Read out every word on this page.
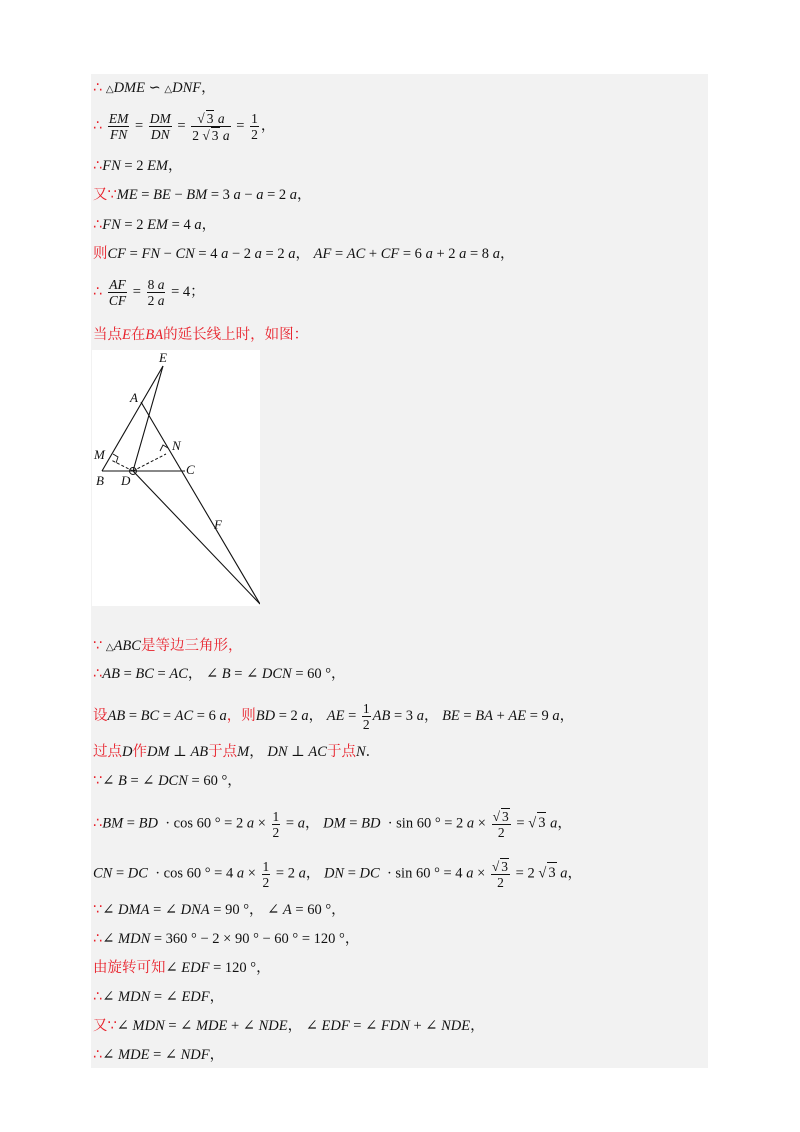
∴ △DME ∽ △DNF，
∴ $\frac{EM}{FN} = \frac{DM}{DN} = \frac{√ 3 a}{2 √ 3 a} = \frac{1}{2}$ ，
∴FN = 2 EM，
又∵ME = BE − BM = 3 a − a = 2 a，
∴FN = 2 EM = 4 a，
则CF = FN − CN = 4 a − 2 a = 2 a， AF = AC + CF = 6 a + 2 a = 8 a，
∴ $\frac{AF}{CF} = \frac{8 a}{2 a} = 4$；
当点E在BA的延长线上时，如图：
E
A
N
M
B D
C
F
∵ △ABC是等边三角形，
∴AB = BC = AC， ∠ B = ∠ DCN = 60 °，
设AB = BC = AC = 6 a，则BD = 2 a， AE = $\frac{1}{2}$ AB = 3 a， BE = BA + AE = 9 a，
过点D作DM ⊥ AB于点M， DN ⊥ AC于点N．
∵∠ B = ∠ DCN = 60 °，
∴BM = BD  · cos 60 ° = 2 $a \times \frac{1}{2} = a$， DM = BD  · sin 60 ° = 2 $a \times \frac{√ 3}{2}$ = √ 3 a，
CN = DC  · cos 60 ° = 4 $a \times \frac{1}{2} = 2$ a， DN = DC  · sin 60 ° = 4 $a \times \frac{√ 3}{2} = 2$ √ 3 a，
∵∠ DMA = ∠ DNA = 90 °， ∠ A = 60 °，
∴∠ MDN = 360 ° − 2 × 90 ° − 60 ° = 120 °，
由旋转可知∠ EDF = 120 °，
∴∠ MDN = ∠ EDF，
又∵∠ MDN = ∠ MDE + ∠ NDE， ∠ EDF = ∠ FDN + ∠ NDE，
∴∠ MDE = ∠ NDF，
